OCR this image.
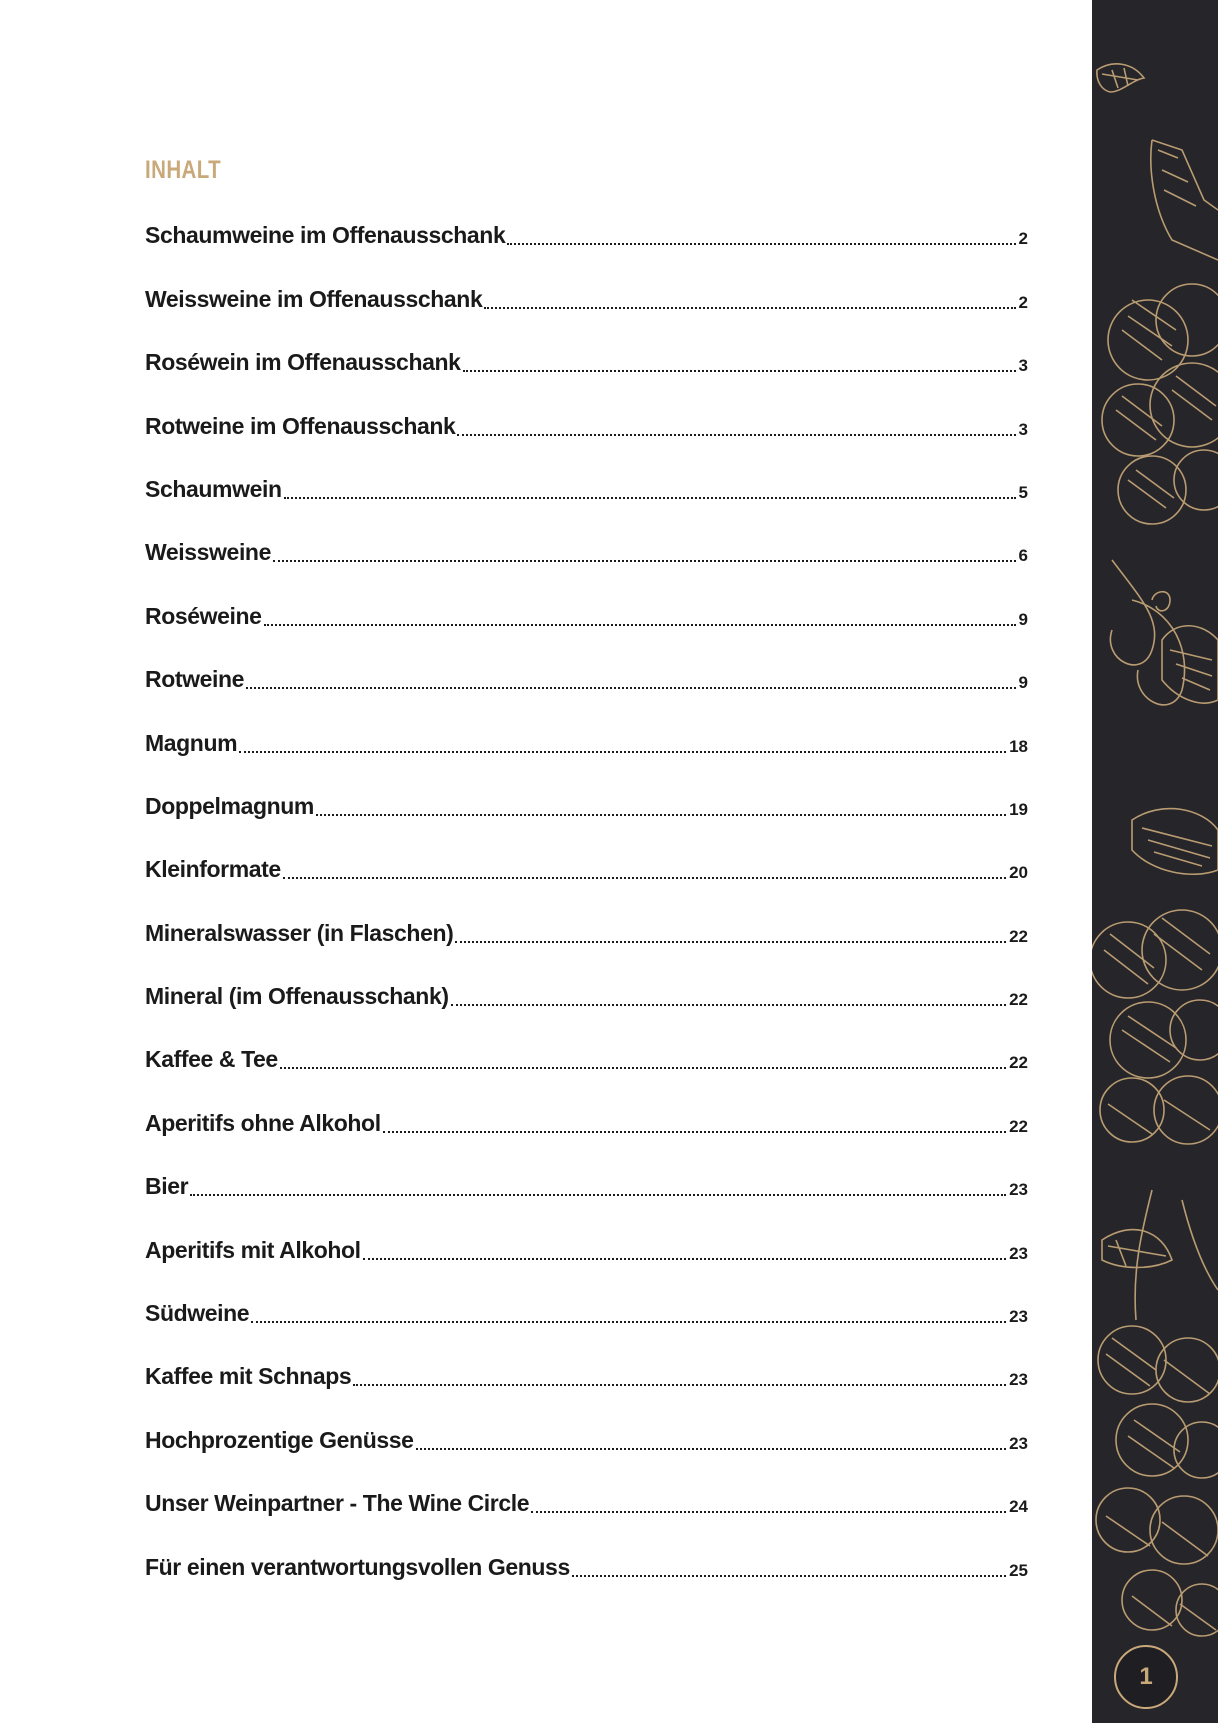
INHALT
Schaumweine im Offenausschank	2
Weissweine im Offenausschank	2
Roséwein im Offenausschank	3
Rotweine im Offenausschank	3
Schaumwein	5
Weissweine	6
Roséweine	9
Rotweine	9
Magnum	18
Doppelmagnum	19
Kleinformate	20
Mineralswasser (in Flaschen)	22
Mineral (im Offenausschank)	22
Kaffee & Tee	22
Aperitifs ohne Alkohol	22
Bier	23
Aperitifs mit Alkohol	23
Südweine	23
Kaffee mit Schnaps	23
Hochprozentige Genüsse	23
Unser Weinpartner - The Wine Circle	24
Für einen verantwortungsvollen Genuss	25
1
